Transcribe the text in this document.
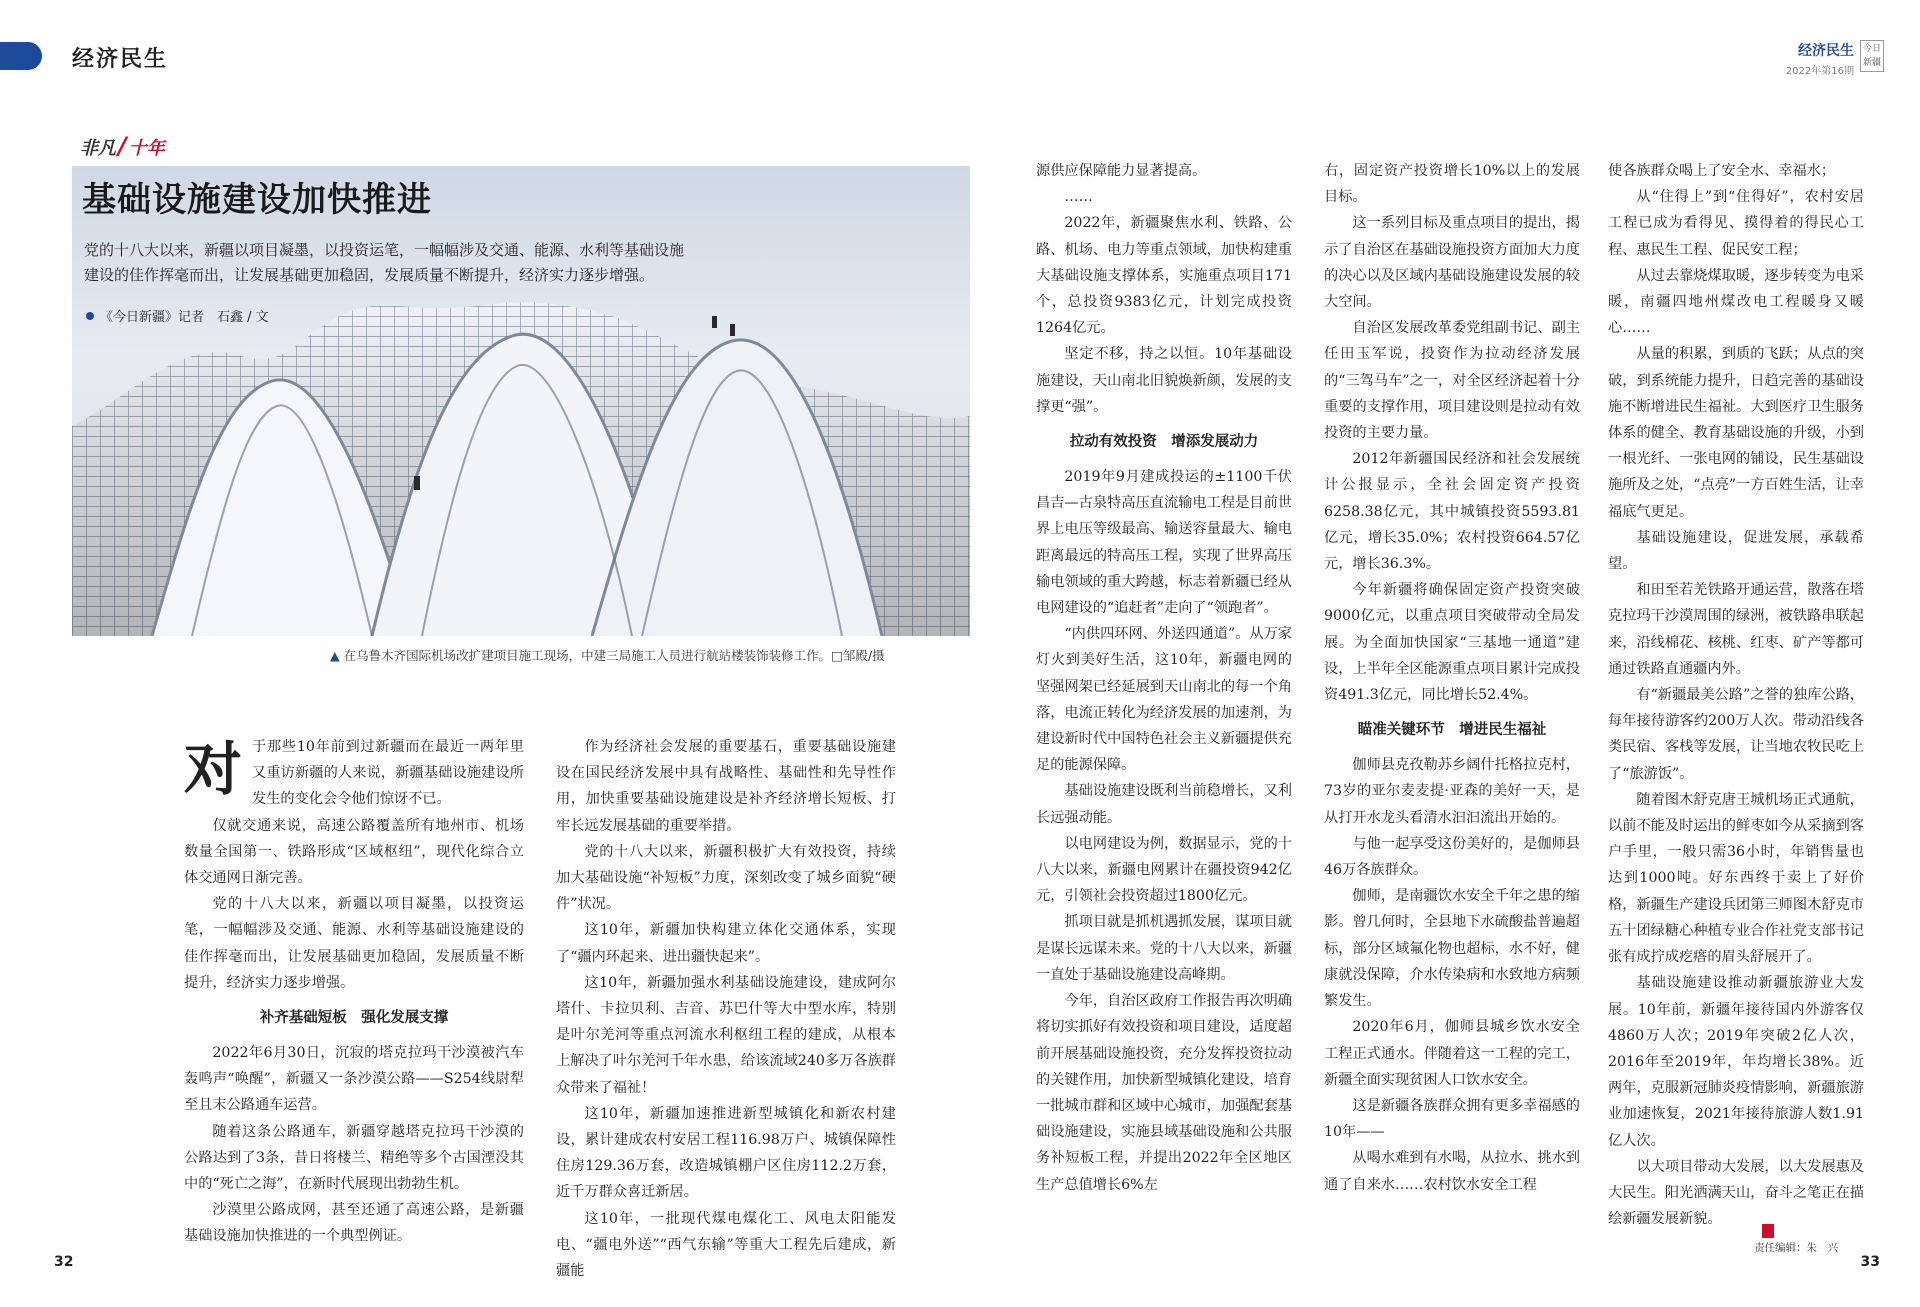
经济民生	经济民生
2022年第16期
今日新疆
非凡/ 十年
基础设施建设加快推进
党的十八大以来，新疆以项目凝墨，以投资运笔，一幅幅涉及交通、能源、水利等基础设施建设的佳作挥毫而出，让发展基础更加稳固，发展质量不断提升，经济实力逐步增强。
《今日新疆》记者　石鑫 / 文
▲ 在乌鲁木齐国际机场改扩建项目施工现场，中建三局施工人员进行航站楼装饰装修工作。□邹殿/摄

对于那些10年前到过新疆而在最近一两年里又重访新疆的人来说，新疆基础设施建设所发生的变化会令他们惊讶不已。

仅就交通来说，高速公路覆盖所有地州市、机场数量全国第一、铁路形成“区域枢纽”，现代化综合立体交通网日渐完善。

党的十八大以来，新疆以项目凝墨，以投资运笔，一幅幅涉及交通、能源、水利等基础设施建设的佳作挥毫而出，让发展基础更加稳固，发展质量不断提升，经济实力逐步增强。

补齐基础短板　强化发展支撑

2022年6月30日，沉寂的塔克拉玛干沙漠被汽车轰鸣声“唤醒”，新疆又一条沙漠公路——S254线尉犁至且末公路通车运营。

随着这条公路通车，新疆穿越塔克拉玛干沙漠的公路达到了3条，昔日将楼兰、精绝等多个古国湮没其中的“死亡之海”，在新时代展现出勃勃生机。

沙漠里公路成网，甚至还通了高速公路，是新疆基础设施加快推进的一个典型例证。

作为经济社会发展的重要基石，重要基础设施建设在国民经济发展中具有战略性、基础性和先导性作用，加快重要基础设施建设是补齐经济增长短板、打牢长远发展基础的重要举措。

党的十八大以来，新疆积极扩大有效投资，持续加大基础设施“补短板”力度，深刻改变了城乡面貌“硬件”状况。

这10年，新疆加快构建立体化交通体系，实现了“疆内环起来、进出疆快起来”。

这10年，新疆加强水利基础设施建设，建成阿尔塔什、卡拉贝利、吉音、苏巴什等大中型水库，特别是叶尔羌河等重点河流水利枢纽工程的建成，从根本上解决了叶尔羌河千年水患，给该流域240多万各族群众带来了福祉！

这10年，新疆加速推进新型城镇化和新农村建设，累计建成农村安居工程116.98万户、城镇保障性住房129.36万套，改造城镇棚户区住房112.2万套，近千万群众喜迁新居。

这10年，一批现代煤电煤化工、风电太阳能发电、“疆电外送”“西气东输”等重大工程先后建成，新疆能

源供应保障能力显著提高。

……

2022年，新疆聚焦水利、铁路、公路、机场、电力等重点领域，加快构建重大基础设施支撑体系，实施重点项目171个，总投资9383亿元，计划完成投资1264亿元。

坚定不移，持之以恒。10年基础设施建设，天山南北旧貌焕新颜，发展的支撑更“强”。

拉动有效投资　增添发展动力

2019年9月建成投运的±1100千伏昌吉—古泉特高压直流输电工程是目前世界上电压等级最高、输送容量最大、输电距离最远的特高压工程，实现了世界高压输电领域的重大跨越，标志着新疆已经从电网建设的“追赶者”走向了“领跑者”。

“内供四环网、外送四通道”。从万家灯火到美好生活，这10年，新疆电网的坚强网架已经延展到天山南北的每一个角落，电流正转化为经济发展的加速剂，为建设新时代中国特色社会主义新疆提供充足的能源保障。

基础设施建设既利当前稳增长，又利长远强动能。

以电网建设为例，数据显示，党的十八大以来，新疆电网累计在疆投资942亿元，引领社会投资超过1800亿元。

抓项目就是抓机遇抓发展，谋项目就是谋长远谋未来。党的十八大以来，新疆一直处于基础设施建设高峰期。

今年，自治区政府工作报告再次明确将切实抓好有效投资和项目建设，适度超前开展基础设施投资，充分发挥投资拉动的关键作用，加快新型城镇化建设，培育一批城市群和区域中心城市，加强配套基础设施建设，实施县域基础设施和公共服务补短板工程，并提出2022年全区地区生产总值增长6%左

右，固定资产投资增长10%以上的发展目标。

这一系列目标及重点项目的提出，揭示了自治区在基础设施投资方面加大力度的决心以及区域内基础设施建设发展的较大空间。

自治区发展改革委党组副书记、副主任田玉军说，投资作为拉动经济发展的“三驾马车”之一，对全区经济起着十分重要的支撑作用，项目建设则是拉动有效投资的主要力量。

2012年新疆国民经济和社会发展统计公报显示，全社会固定资产投资6258.38亿元，其中城镇投资5593.81亿元，增长35.0%；农村投资664.57亿元，增长36.3%。

今年新疆将确保固定资产投资突破9000亿元，以重点项目突破带动全局发展。为全面加快国家“三基地一通道”建设，上半年全区能源重点项目累计完成投资491.3亿元，同比增长52.4%。

瞄准关键环节　增进民生福祉

伽师县克孜勒苏乡阔什托格拉克村，73岁的亚尔麦麦提·亚森的美好一天，是从打开水龙头看清水汩汩流出开始的。

与他一起享受这份美好的，是伽师县46万各族群众。

伽师，是南疆饮水安全千年之患的缩影。曾几何时，全县地下水硫酸盐普遍超标，部分区域氟化物也超标，水不好，健康就没保障，介水传染病和水致地方病频繁发生。

2020年6月，伽师县城乡饮水安全工程正式通水。伴随着这一工程的完工，新疆全面实现贫困人口饮水安全。

这是新疆各族群众拥有更多幸福感的10年——

从喝水难到有水喝，从拉水、挑水到通了自来水……农村饮水安全工程

使各族群众喝上了安全水、幸福水；

从“住得上”到“住得好”，农村安居工程已成为看得见、摸得着的得民心工程、惠民生工程、促民安工程；

从过去靠烧煤取暖，逐步转变为电采暖，南疆四地州煤改电工程暖身又暖心……

从量的积累，到质的飞跃；从点的突破，到系统能力提升，日趋完善的基础设施不断增进民生福祉。大到医疗卫生服务体系的健全、教育基础设施的升级，小到一根光纤、一张电网的铺设，民生基础设施所及之处，“点亮”一方百姓生活，让幸福底气更足。

基础设施建设，促进发展，承载希望。

和田至若羌铁路开通运营，散落在塔克拉玛干沙漠周围的绿洲，被铁路串联起来，沿线棉花、核桃、红枣、矿产等都可通过铁路直通疆内外。

有“新疆最美公路”之誉的独库公路，每年接待游客约200万人次。带动沿线各类民宿、客栈等发展，让当地农牧民吃上了“旅游饭”。

随着图木舒克唐王城机场正式通航，以前不能及时运出的鲜枣如今从采摘到客户手里，一般只需36小时，年销售量也达到1000吨。好东西终于卖上了好价格，新疆生产建设兵团第三师图木舒克市五十团绿糖心种植专业合作社党支部书记张有成拧成疙瘩的眉头舒展开了。

基础设施建设推动新疆旅游业大发展。10年前，新疆年接待国内外游客仅4860万人次；2019年突破2亿人次，2016年至2019年，年均增长38%。近两年，克服新冠肺炎疫情影响，新疆旅游业加速恢复，2021年接待旅游人数1.91亿人次。

以大项目带动大发展，以大发展惠及大民生。阳光洒满天山，奋斗之笔正在描绘新疆发展新貌。

32
责任编辑：朱　兴
33
